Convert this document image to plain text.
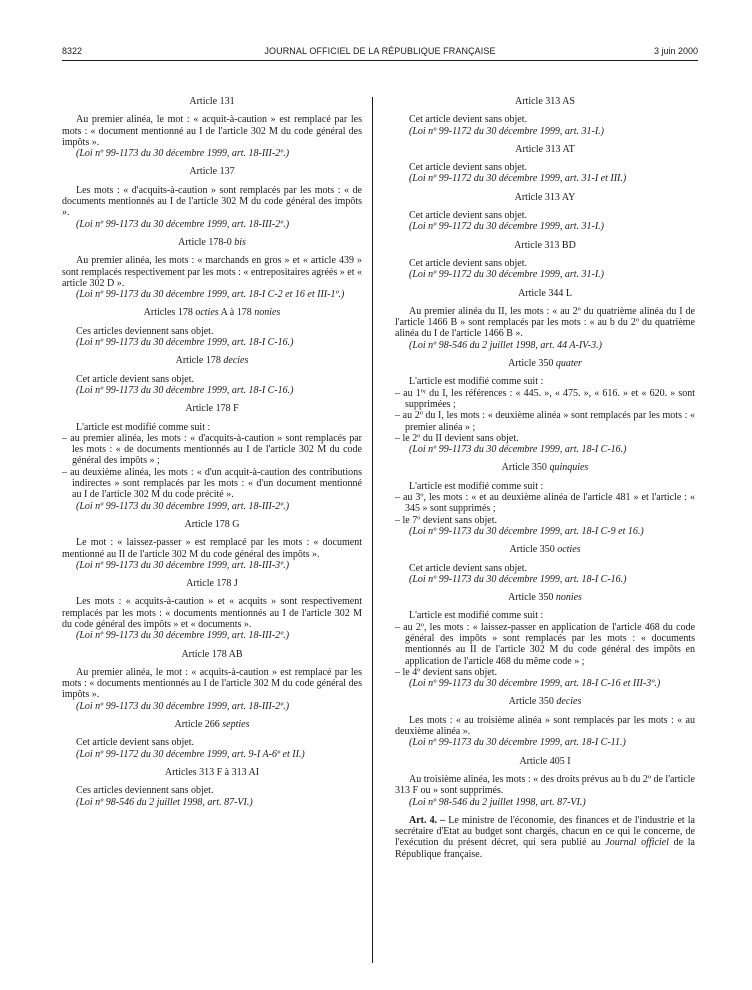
8322	JOURNAL OFFICIEL DE LA RÉPUBLIQUE FRANÇAISE	3 juin 2000
Article 131
Au premier alinéa, le mot : « acquit-à-caution » est remplacé par les mots : « document mentionné au I de l'article 302 M du code général des impôts ».
(Loi nº 99-1173 du 30 décembre 1999, art. 18-III-2º.)
Article 137
Les mots : « d'acquits-à-caution » sont remplacés par les mots : « de documents mentionnés au I de l'article 302 M du code général des impôts ».
(Loi nº 99-1173 du 30 décembre 1999, art. 18-III-2º.)
Article 178-0 bis
Au premier alinéa, les mots : « marchands en gros » et « article 439 » sont remplacés respectivement par les mots : « entrepositaires agréés » et « article 302 D ».
(Loi nº 99-1173 du 30 décembre 1999, art. 18-I C-2 et 16 et III-1º.)
Articles 178 octies A à 178 nonies
Ces articles deviennent sans objet.
(Loi nº 99-1173 du 30 décembre 1999, art. 18-I C-16.)
Article 178 decies
Cet article devient sans objet.
(Loi nº 99-1173 du 30 décembre 1999, art. 18-I C-16.)
Article 178 F
L'article est modifié comme suit :
– au premier alinéa, les mots : « d'acquits-à-caution » sont remplacés par les mots : « de documents mentionnés au I de l'article 302 M du code général des impôts » ;
– au deuxième alinéa, les mots : « d'un acquit-à-caution des contributions indirectes » sont remplacés par les mots : « d'un document mentionné au I de l'article 302 M du code précité ».
(Loi nº 99-1173 du 30 décembre 1999, art. 18-III-2º.)
Article 178 G
Le mot : « laissez-passer » est remplacé par les mots : « document mentionné au II de l'article 302 M du code général des impôts ».
(Loi nº 99-1173 du 30 décembre 1999, art. 18-III-3º.)
Article 178 J
Les mots : « acquits-à-caution » et « acquits » sont respectivement remplacés par les mots : « documents mentionnés au I de l'article 302 M du code général des impôts » et « documents ».
(Loi nº 99-1173 du 30 décembre 1999, art. 18-III-2º.)
Article 178 AB
Au premier alinéa, le mot : « acquits-à-caution » est remplacé par les mots : « documents mentionnés au I de l'article 302 M du code général des impôts ».
(Loi nº 99-1173 du 30 décembre 1999, art. 18-III-2º.)
Article 266 septies
Cet article devient sans objet.
(Loi nº 99-1172 du 30 décembre 1999, art. 9-I A-6º et II.)
Articles 313 F à 313 AI
Ces articles deviennent sans objet.
(Loi nº 98-546 du 2 juillet 1998, art. 87-VI.)
Article 313 AS
Cet article devient sans objet.
(Loi nº 99-1172 du 30 décembre 1999, art. 31-I.)
Article 313 AT
Cet article devient sans objet.
(Loi nº 99-1172 du 30 décembre 1999, art. 31-I et III.)
Article 313 AY
Cet article devient sans objet.
(Loi nº 99-1172 du 30 décembre 1999, art. 31-I.)
Article 313 BD
Cet article devient sans objet.
(Loi nº 99-1172 du 30 décembre 1999, art. 31-I.)
Article 344 L
Au premier alinéa du II, les mots : « au 2º du quatrième alinéa du I de l'article 1466 B » sont remplacés par les mots : « au b du 2º du quatrième alinéa du I de l'article 1466 B ».
(Loi nº 98-546 du 2 juillet 1998, art. 44 A-IV-3.)
Article 350 quater
L'article est modifié comme suit :
– au 1ºʳ du I, les références : « 445. », « 475. », « 616. » et « 620. » sont supprimées ;
– au 2º du I, les mots : « deuxième alinéa » sont remplacés par les mots : « premier alinéa » ;
– le 2º du II devient sans objet.
(Loi nº 99-1173 du 30 décembre 1999, art. 18-I C-16.)
Article 350 quinquies
L'article est modifié comme suit :
– au 3º, les mots : « et au deuxième alinéa de l'article 481 » et l'article : « 345 » sont supprimés ;
– le 7º devient sans objet.
(Loi nº 99-1173 du 30 décembre 1999, art. 18-I C-9 et 16.)
Article 350 octies
Cet article devient sans objet.
(Loi nº 99-1173 du 30 décembre 1999, art. 18-I C-16.)
Article 350 nonies
L'article est modifié comme suit :
– au 2º, les mots : « laissez-passer en application de l'article 468 du code général des impôts » sont remplacés par les mots : « documents mentionnés au II de l'article 302 M du code général des impôts en application de l'article 468 du même code » ;
– le 4º devient sans objet.
(Loi nº 99-1173 du 30 décembre 1999, art. 18-I C-16 et III-3º.)
Article 350 decies
Les mots : « au troisième alinéa » sont remplacés par les mots : « au deuxième alinéa ».
(Loi nº 99-1173 du 30 décembre 1999, art. 18-I C-11.)
Article 405 I
Au troisième alinéa, les mots : « des droits prévus au b du 2º de l'article 313 F ou » sont supprimés.
(Loi nº 98-546 du 2 juillet 1998, art. 87-VI.)
Art. 4. – Le ministre de l'économie, des finances et de l'industrie et la secrétaire d'Etat au budget sont chargés, chacun en ce qui le concerne, de l'exécution du présent décret, qui sera publié au Journal officiel de la République française.
